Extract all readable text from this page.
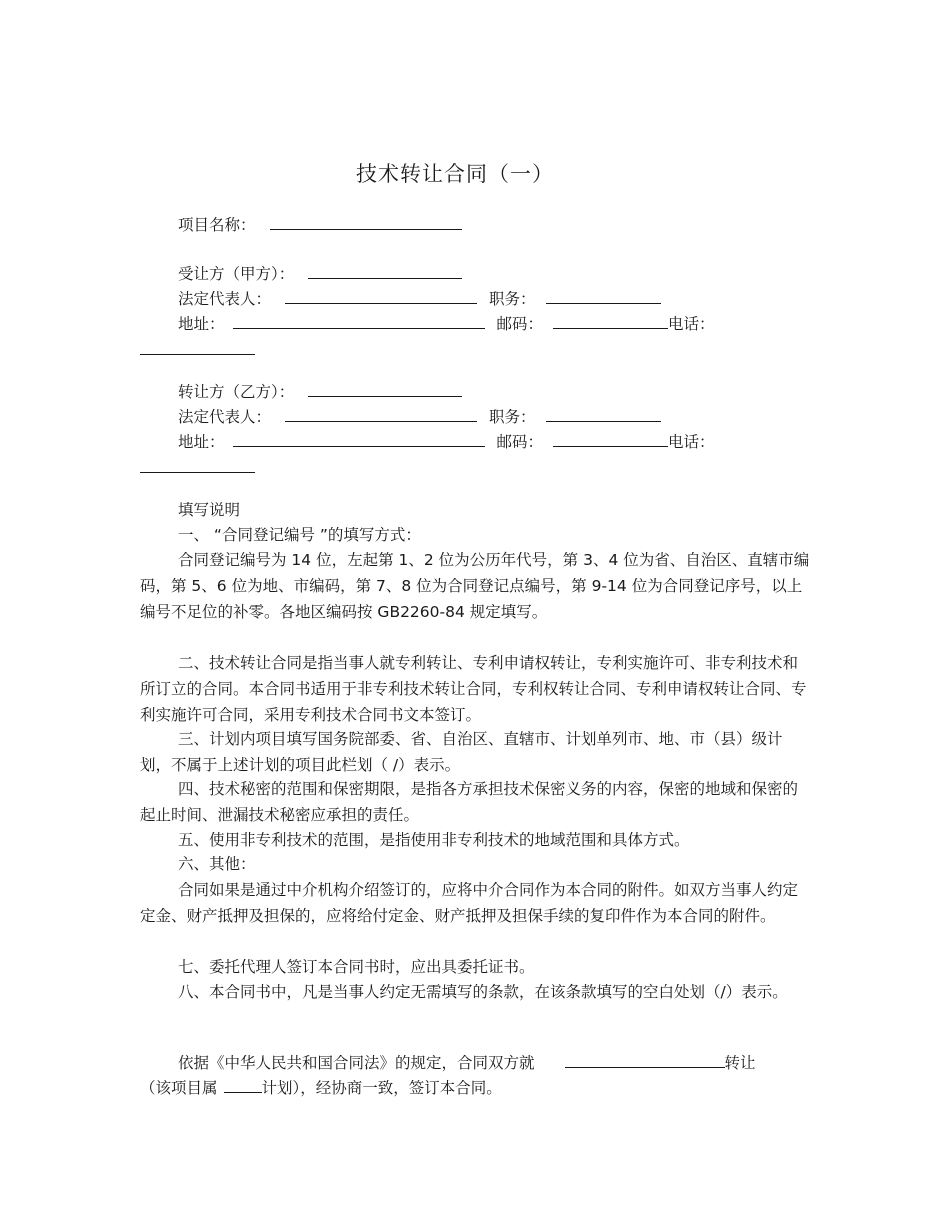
技术转让合同（一）
项目名称：
受让方（甲方）：
法定代表人：	职务：
地址：	邮码：	电话：
转让方（乙方）：
法定代表人：	职务：
地址：	邮码：	电话：
填写说明
一、 “合同登记编号 ”的填写方式：
合同登记编号为 14 位，左起第 1、2 位为公历年代号，第 3、4 位为省、自治区、直辖市编码，第 5、6 位为地、市编码，第 7、8 位为合同登记点编号，第 9-14 位为合同登记序号，以上编号不足位的补零。各地区编码按 GB2260-84 规定填写。
二、技术转让合同是指当事人就专利转让、专利申请权转让，专利实施许可、非专利技术和所订立的合同。本合同书适用于非专利技术转让合同，专利权转让合同、专利申请权转让合同、专利实施许可合同，采用专利技术合同书文本签订。
三、计划内项目填写国务院部委、省、自治区、直辖市、计划单列市、地、市（县）级计划，不属于上述计划的项目此栏划（ /）表示。
四、技术秘密的范围和保密期限，是指各方承担技术保密义务的内容，保密的地域和保密的起止时间、泄漏技术秘密应承担的责任。
五、使用非专利技术的范围，是指使用非专利技术的地域范围和具体方式。
六、其他：
合同如果是通过中介机构介绍签订的，应将中介合同作为本合同的附件。如双方当事人约定定金、财产抵押及担保的，应将给付定金、财产抵押及担保手续的复印件作为本合同的附件。
七、委托代理人签订本合同书时，应出具委托证书。
八、本合同书中，凡是当事人约定无需填写的条款，在该条款填写的空白处划（/）表示。
依据《中华人民共和国合同法》的规定，合同双方就	转让
（该项目属	计划），经协商一致，签订本合同。
